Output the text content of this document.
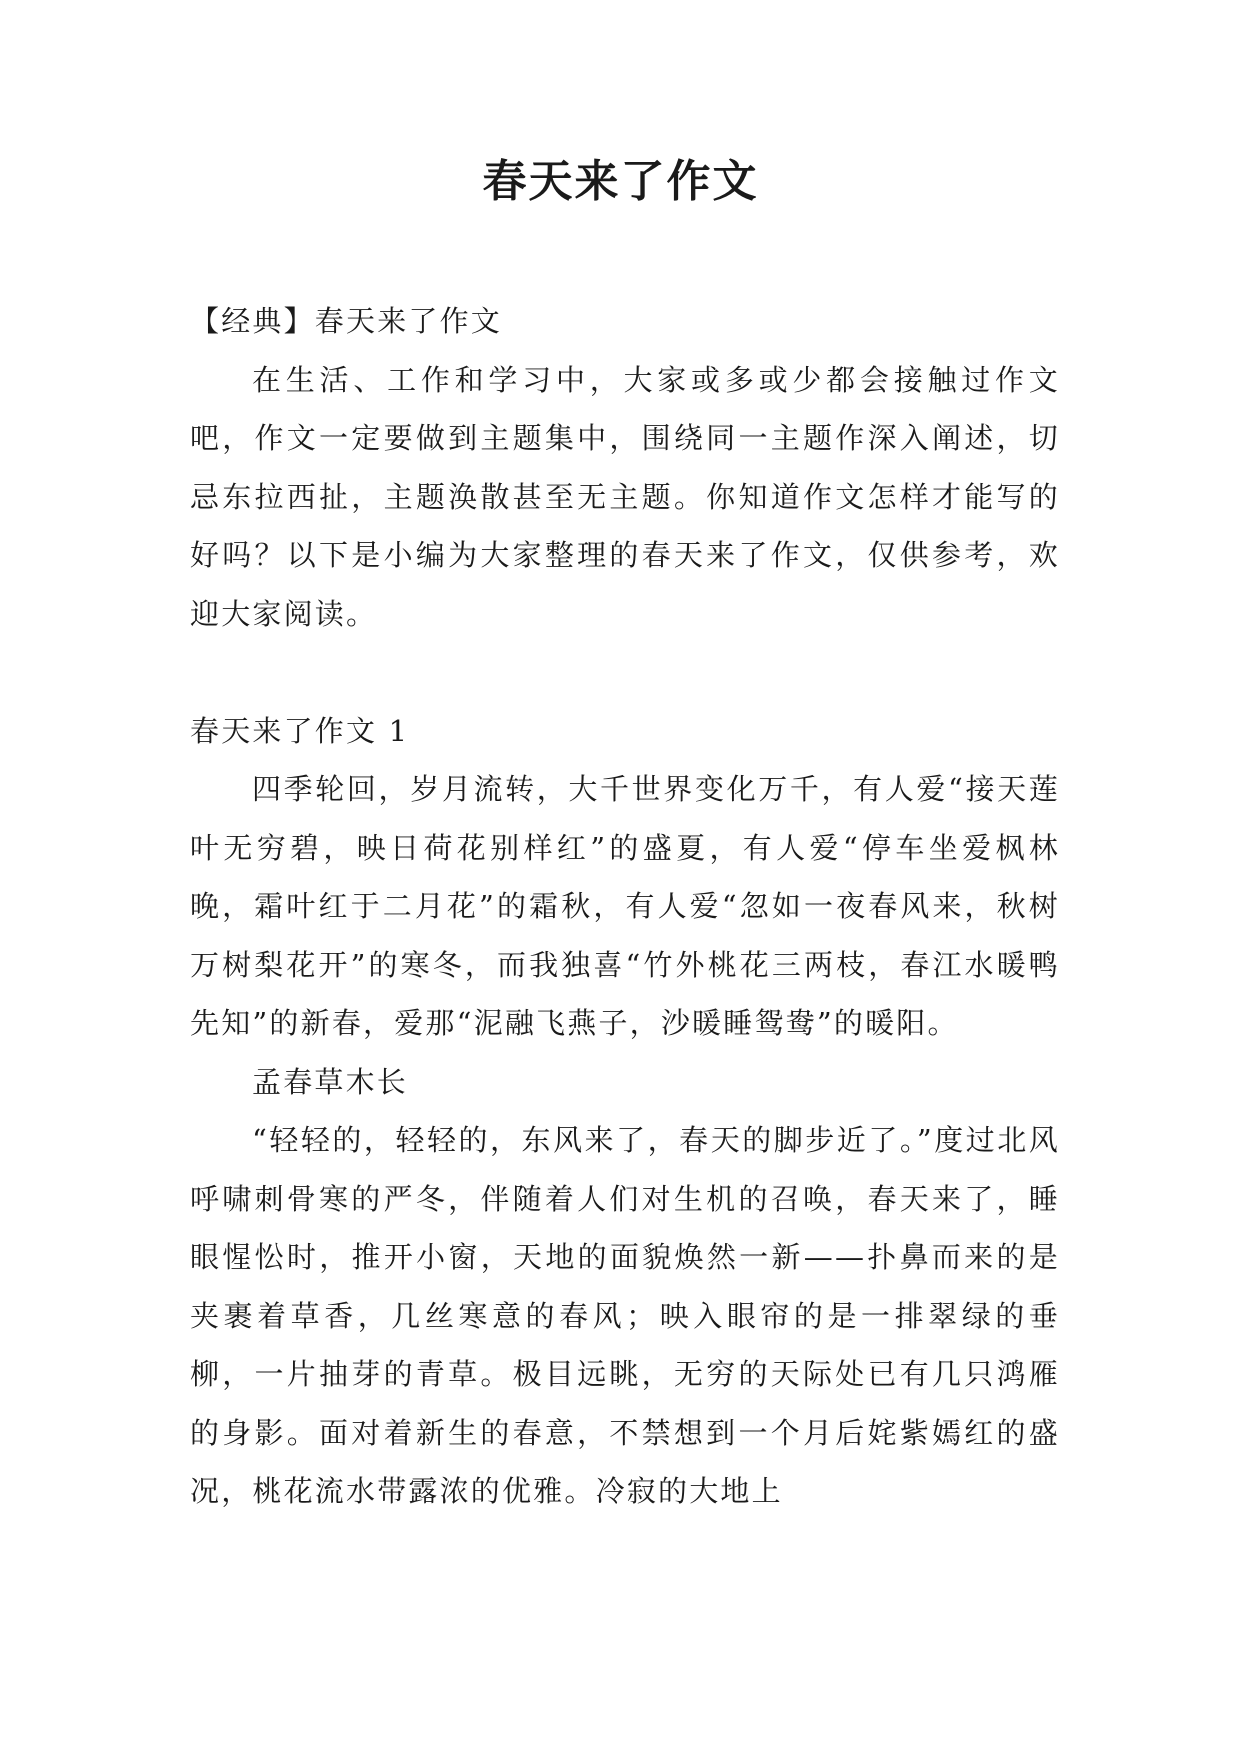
春天来了作文

【经典】春天来了作文

在生活、工作和学习中，大家或多或少都会接触过作文吧，作文一定要做到主题集中，围绕同一主题作深入阐述，切忌东拉西扯，主题涣散甚至无主题。你知道作文怎样才能写的好吗？以下是小编为大家整理的春天来了作文，仅供参考，欢迎大家阅读。

春天来了作文 1

四季轮回，岁月流转，大千世界变化万千，有人爱“接天莲叶无穷碧，映日荷花别样红”的盛夏，有人爱“停车坐爱枫林晚，霜叶红于二月花”的霜秋，有人爱“忽如一夜春风来，秋树万树梨花开”的寒冬，而我独喜“竹外桃花三两枝，春江水暖鸭先知”的新春，爱那“泥融飞燕子，沙暖睡鸳鸯”的暖阳。

孟春草木长

“轻轻的，轻轻的，东风来了，春天的脚步近了。”度过北风呼啸刺骨寒的严冬，伴随着人们对生机的召唤，春天来了，睡眼惺忪时，推开小窗，天地的面貌焕然一新——扑鼻而来的是夹裹着草香，几丝寒意的春风；映入眼帘的是一排翠绿的垂柳，一片抽芽的青草。极目远眺，无穷的天际处已有几只鸿雁的身影。面对着新生的春意，不禁想到一个月后姹紫嫣红的盛况，桃花流水带露浓的优雅。冷寂的大地上
